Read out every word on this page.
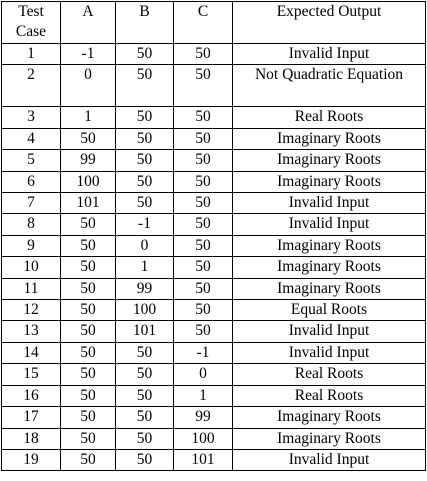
Test Case	A	B	C	Expected Output
1	-1	50	50	Invalid Input
2	0	50	50	Not Quadratic Equation
3	1	50	50	Real Roots
4	50	50	50	Imaginary Roots
5	99	50	50	Imaginary Roots
6	100	50	50	Imaginary Roots
7	101	50	50	Invalid Input
8	50	-1	50	Invalid Input
9	50	0	50	Imaginary Roots
10	50	1	50	Imaginary Roots
11	50	99	50	Imaginary Roots
12	50	100	50	Equal Roots
13	50	101	50	Invalid Input
14	50	50	-1	Invalid Input
15	50	50	0	Real Roots
16	50	50	1	Real Roots
17	50	50	99	Imaginary Roots
18	50	50	100	Imaginary Roots
19	50	50	101	Invalid Input
